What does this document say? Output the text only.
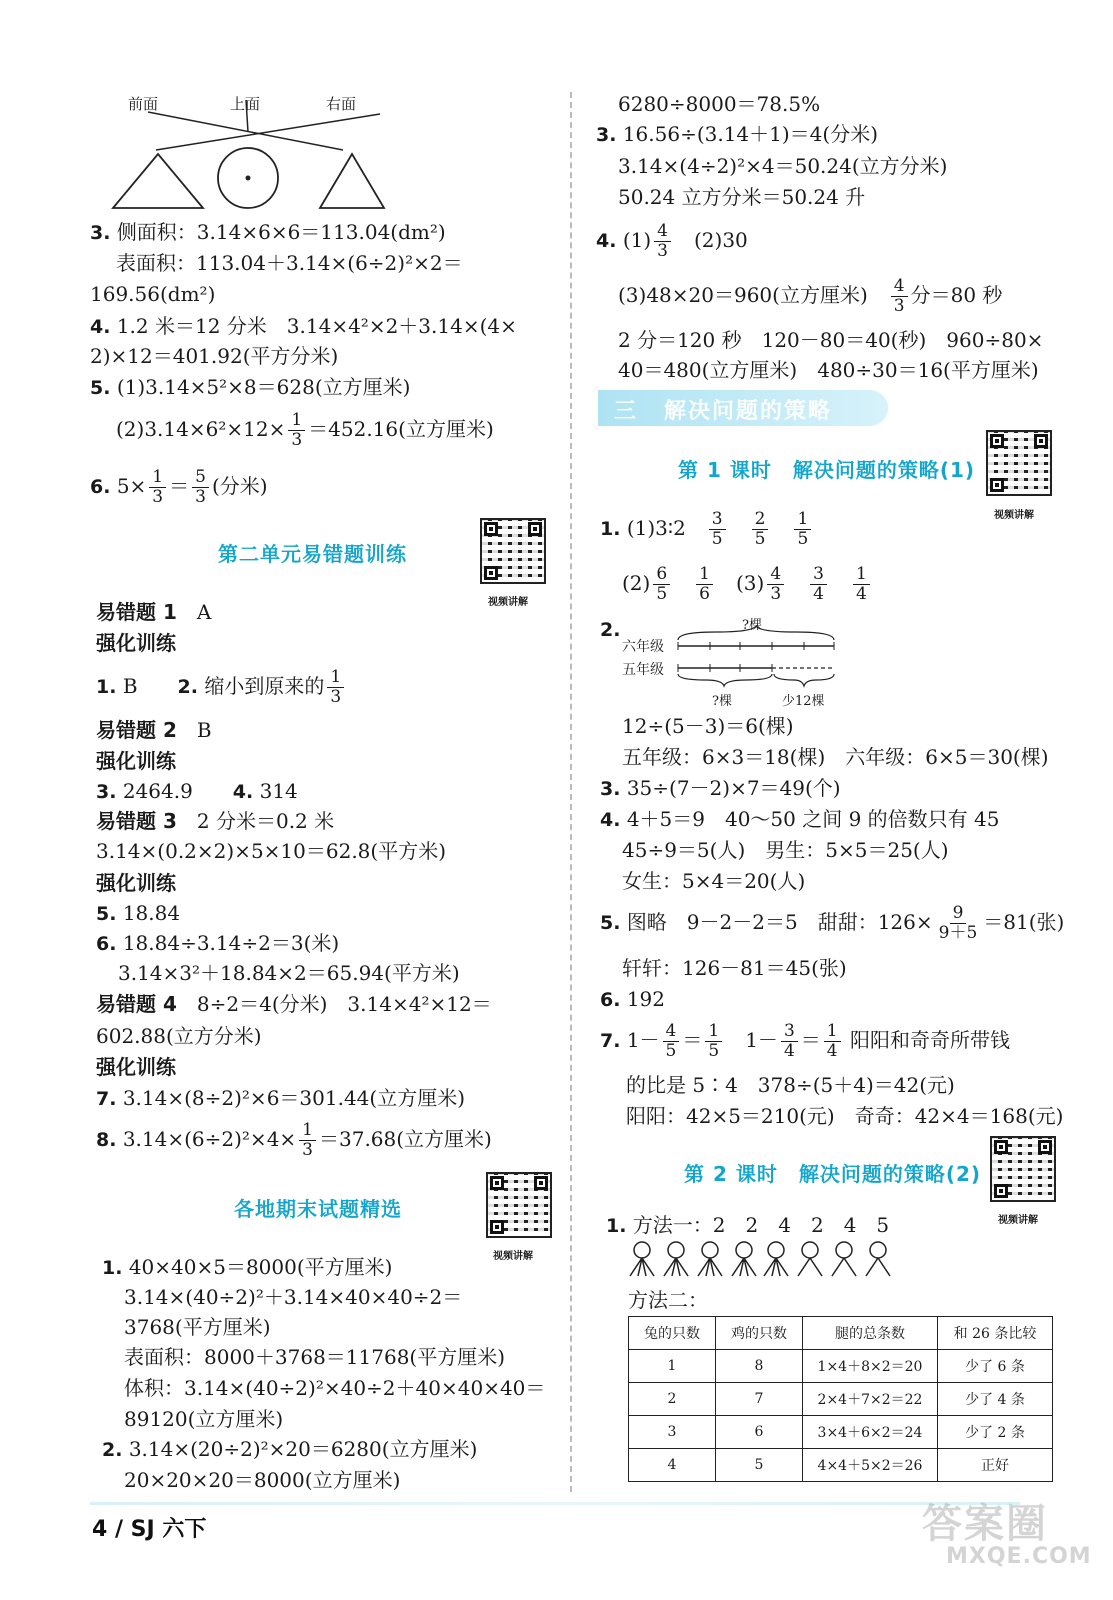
前面	上面	右面
3. 侧面积：3.14×6×6＝113.04(dm²)
表面积：113.04＋3.14×(6÷2)²×2＝
169.56(dm²)
4. 1.2 米＝12 分米　3.14×4²×2＋3.14×(4×
2)×12＝401.92(平方分米)
5. (1)3.14×5²×8＝628(立方厘米)
$(2)3.14\times 6^2\times 12\times \frac{1}{3} =452.16$(立方厘米)
6. $5\times \frac{1}{3} = \frac{5}{3}$ (分米)
第二单元易错题训练
视频讲解
易错题 1　 A
强化训练
1. B　　 2. 缩小到原来的 $\frac{1}{3}$
易错题 2　 B
强化训练
3. 2464.9　　 4. 314
易错题 3　 2 分米＝0.2 米
3.14×(0.2×2)×5×10＝62.8(平方米)
强化训练
5. 18.84
6. 18.84÷3.14÷2＝3(米)
3.14×3²＋18.84×2＝65.94(平方米)
易错题 4　 8÷2＝4(分米)　3.14×4²×12＝
602.88(立方分米)
强化训练
7. 3.14×(8÷2)²×6＝301.44(立方厘米)
8. $3.14\times(6\div 2)^2\times 4\times \frac{1}{3} =37.68$(立方厘米)
各地期末试题精选
视频讲解
1. 40×40×5＝8000(平方厘米)
3.14×(40÷2)²＋3.14×40×40÷2＝
3768(平方厘米)
表面积：8000＋3768＝11768(平方厘米)
体积：3.14×(40÷2)²×40÷2＋40×40×40＝
89120(立方厘米)
2. 3.14×(20÷2)²×20＝6280(立方厘米)
20×20×20＝8000(立方厘米)
6280÷8000＝78.5%
3. 16.56÷(3.14＋1)＝4(分米)
3.14×(4÷2)²×4＝50.24(立方分米)
50.24 立方分米＝50.24 升
4. $(1) \frac{4}{3}$
　 (2)30
(3)48×20＝960(立方厘米)　 $\frac{4}{3}$ 分＝80 秒
2 分＝120 秒　120－80＝40(秒)　960÷80×
40＝480(立方厘米)　480÷30＝16(平方厘米)
三 解决问题的策略
第 1 课时　解决问题的策略(1)
视频讲解
1. (1)3∶2　 $\frac{3}{5}$
　 $\frac{2}{5}$
　 $\frac{1}{5}$
$(2) \frac{6}{5}$
　 $\frac{1}{6}$
　 $(3) \frac{4}{3}$
　 $\frac{3}{4}$
　 $\frac{1}{4}$
2.
六年级
五年级
?棵
?棵	少12棵
12÷(5－3)＝6(棵)
五年级：6×3＝18(棵)　六年级：6×5＝30(棵)
3. 35÷(7－2)×7＝49(个)
4. 4＋5＝9　40～50 之间 9 的倍数只有 45
45÷9＝5(人)　男生：5×5＝25(人)
女生：5×4＝20(人)
5. 图略　9－2－2＝5　甜甜：$126\times \frac{9}{9+5} =81$(张)
轩轩：126－81＝45(张)
6. 192
7. $1- \frac{4}{5} = \frac{1}{5}$
　 $1- \frac{3}{4} = \frac{1}{4}$ 阳阳和奇奇所带钱
的比是 5∶4　378÷(5＋4)＝42(元)
阳阳：42×5＝210(元)　奇奇：42×4＝168(元)
第 2 课时　解决问题的策略(2)
视频讲解
1. 方法一：2　2　4　2　4　5
方法二：
兔的只数	鸡的只数	腿的总条数	和 26 条比较
1	8	1×4＋8×2＝20	少了 6 条
2	7	2×4＋7×2＝22	少了 4 条
3	6	3×4＋6×2＝24	少了 2 条
4	5	4×4＋5×2＝26	正好
4 / SJ 六下	答案圈
MXQE.COM
